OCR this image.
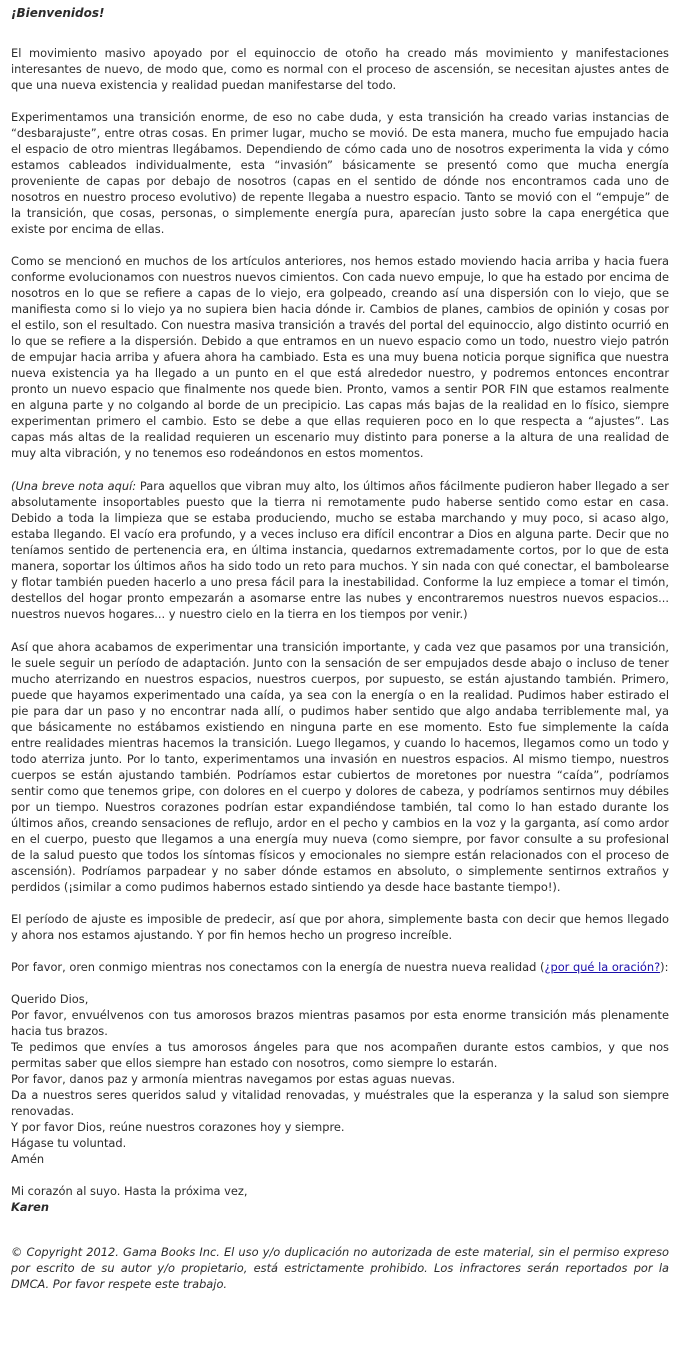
¡Bienvenidos!

El movimiento masivo apoyado por el equinoccio de otoño ha creado más movimiento y manifestaciones interesantes de nuevo, de modo que, como es normal con el proceso de ascensión, se necesitan ajustes antes de que una nueva existencia y realidad puedan manifestarse del todo.

Experimentamos una transición enorme, de eso no cabe duda, y esta transición ha creado varias instancias de “desbarajuste”, entre otras cosas. En primer lugar, mucho se movió. De esta manera, mucho fue empujado hacia el espacio de otro mientras llegábamos. Dependiendo de cómo cada uno de nosotros experimenta la vida y cómo estamos cableados individualmente, esta “invasión” básicamente se presentó como que mucha energía proveniente de capas por debajo de nosotros (capas en el sentido de dónde nos encontramos cada uno de nosotros en nuestro proceso evolutivo) de repente llegaba a nuestro espacio. Tanto se movió con el “empuje” de la transición, que cosas, personas, o simplemente energía pura, aparecían justo sobre la capa energética que existe por encima de ellas.

Como se mencionó en muchos de los artículos anteriores, nos hemos estado moviendo hacia arriba y hacia fuera conforme evolucionamos con nuestros nuevos cimientos. Con cada nuevo empuje, lo que ha estado por encima de nosotros en lo que se refiere a capas de lo viejo, era golpeado, creando así una dispersión con lo viejo, que se manifiesta como si lo viejo ya no supiera bien hacia dónde ir. Cambios de planes, cambios de opinión y cosas por el estilo, son el resultado. Con nuestra masiva transición a través del portal del equinoccio, algo distinto ocurrió en lo que se refiere a la dispersión. Debido a que entramos en un nuevo espacio como un todo, nuestro viejo patrón de empujar hacia arriba y afuera ahora ha cambiado. Esta es una muy buena noticia porque significa que nuestra nueva existencia ya ha llegado a un punto en el que está alrededor nuestro, y podremos entonces encontrar pronto un nuevo espacio que finalmente nos quede bien. Pronto, vamos a sentir POR FIN que estamos realmente en alguna parte y no colgando al borde de un precipicio. Las capas más bajas de la realidad en lo físico, siempre experimentan primero el cambio. Esto se debe a que ellas requieren poco en lo que respecta a “ajustes”. Las capas más altas de la realidad requieren un escenario muy distinto para ponerse a la altura de una realidad de muy alta vibración, y no tenemos eso rodeándonos en estos momentos.

(Una breve nota aquí: Para aquellos que vibran muy alto, los últimos años fácilmente pudieron haber llegado a ser absolutamente insoportables puesto que la tierra ni remotamente pudo haberse sentido como estar en casa. Debido a toda la limpieza que se estaba produciendo, mucho se estaba marchando y muy poco, si acaso algo, estaba llegando. El vacío era profundo, y a veces incluso era difícil encontrar a Dios en alguna parte. Decir que no teníamos sentido de pertenencia era, en última instancia, quedarnos extremadamente cortos, por lo que de esta manera, soportar los últimos años ha sido todo un reto para muchos. Y sin nada con qué conectar, el bambolearse y flotar también pueden hacerlo a uno presa fácil para la inestabilidad. Conforme la luz empiece a tomar el timón, destellos del hogar pronto empezarán a asomarse entre las nubes y encontraremos nuestros nuevos espacios... nuestros nuevos hogares... y nuestro cielo en la tierra en los tiempos por venir.)

Así que ahora acabamos de experimentar una transición importante, y cada vez que pasamos por una transición, le suele seguir un período de adaptación. Junto con la sensación de ser empujados desde abajo o incluso de tener mucho aterrizando en nuestros espacios, nuestros cuerpos, por supuesto, se están ajustando también. Primero, puede que hayamos experimentado una caída, ya sea con la energía o en la realidad. Pudimos haber estirado el pie para dar un paso y no encontrar nada allí, o pudimos haber sentido que algo andaba terriblemente mal, ya que básicamente no estábamos existiendo en ninguna parte en ese momento. Esto fue simplemente la caída entre realidades mientras hacemos la transición. Luego llegamos, y cuando lo hacemos, llegamos como un todo y todo aterriza junto. Por lo tanto, experimentamos una invasión en nuestros espacios. Al mismo tiempo, nuestros cuerpos se están ajustando también. Podríamos estar cubiertos de moretones por nuestra “caída”, podríamos sentir como que tenemos gripe, con dolores en el cuerpo y dolores de cabeza, y podríamos sentirnos muy débiles por un tiempo. Nuestros corazones podrían estar expandiéndose también, tal como lo han estado durante los últimos años, creando sensaciones de reflujo, ardor en el pecho y cambios en la voz y la garganta, así como ardor en el cuerpo, puesto que llegamos a una energía muy nueva (como siempre, por favor consulte a su profesional de la salud puesto que todos los síntomas físicos y emocionales no siempre están relacionados con el proceso de ascensión). Podríamos parpadear y no saber dónde estamos en absoluto, o simplemente sentirnos extraños y perdidos (¡similar a como pudimos habernos estado sintiendo ya desde hace bastante tiempo!).

El período de ajuste es imposible de predecir, así que por ahora, simplemente basta con decir que hemos llegado y ahora nos estamos ajustando. Y por fin hemos hecho un progreso increíble.

Por favor, oren conmigo mientras nos conectamos con la energía de nuestra nueva realidad (¿por qué la oración?):

Querido Dios,

Por favor, envuélvenos con tus amorosos brazos mientras pasamos por esta enorme transición más plenamente hacia tus brazos.

Te pedimos que envíes a tus amorosos ángeles para que nos acompañen durante estos cambios, y que nos permitas saber que ellos siempre han estado con nosotros, como siempre lo estarán.

Por favor, danos paz y armonía mientras navegamos por estas aguas nuevas.

Da a nuestros seres queridos salud y vitalidad renovadas, y muéstrales que la esperanza y la salud son siempre renovadas.

Y por favor Dios, reúne nuestros corazones hoy y siempre.

Hágase tu voluntad.

Amén

Mi corazón al suyo. Hasta la próxima vez,

Karen

© Copyright 2012. Gama Books Inc. El uso y/o duplicación no autorizada de este material, sin el permiso expreso por escrito de su autor y/o propietario, está estrictamente prohibido. Los infractores serán reportados por la DMCA. Por favor respete este trabajo.
